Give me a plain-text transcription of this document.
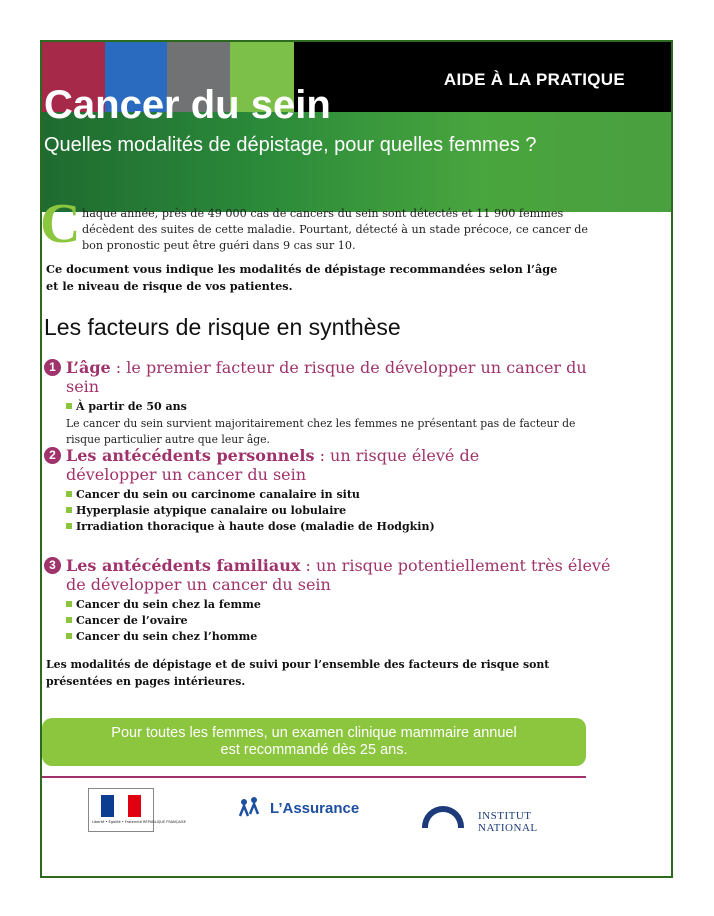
AIDE À LA PRATIQUE
Cancer du sein
Quelles modalités de dépistage, pour quelles femmes ?
C haque année, près de 49 000 cas de cancers du sein sont détectés et 11 900 femmes décèdent des suites de cette maladie. Pourtant, détecté à un stade précoce, ce cancer de bon pronostic peut être guéri dans 9 cas sur 10.
Ce document vous indique les modalités de dépistage recommandées selon l’âge et le niveau de risque de vos patientes.
Les facteurs de risque en synthèse
1 L’âge : le premier facteur de risque de développer un cancer du sein
À partir de 50 ans
Le cancer du sein survient majoritairement chez les femmes ne présentant pas de facteur de risque particulier autre que leur âge.
2 Les antécédents personnels : un risque élevé de développer un cancer du sein
Cancer du sein ou carcinome canalaire in situ
Hyperplasie atypique canalaire ou lobulaire
Irradiation thoracique à haute dose (maladie de Hodgkin)
3 Les antécédents familiaux : un risque potentiellement très élevé de développer un cancer du sein
Cancer du sein chez la femme
Cancer de l’ovaire
Cancer du sein chez l’homme
Les modalités de dépistage et de suivi pour l’ensemble des facteurs de risque sont présentées en pages intérieures.
Pour toutes les femmes, un examen clinique mammaire annuel
est recommandé dès 25 ans.
Liberté • Égalité • Fraternité RÉPUBLIQUE FRANÇAISE
L’Assurance	INSTITUT
NATIONAL
